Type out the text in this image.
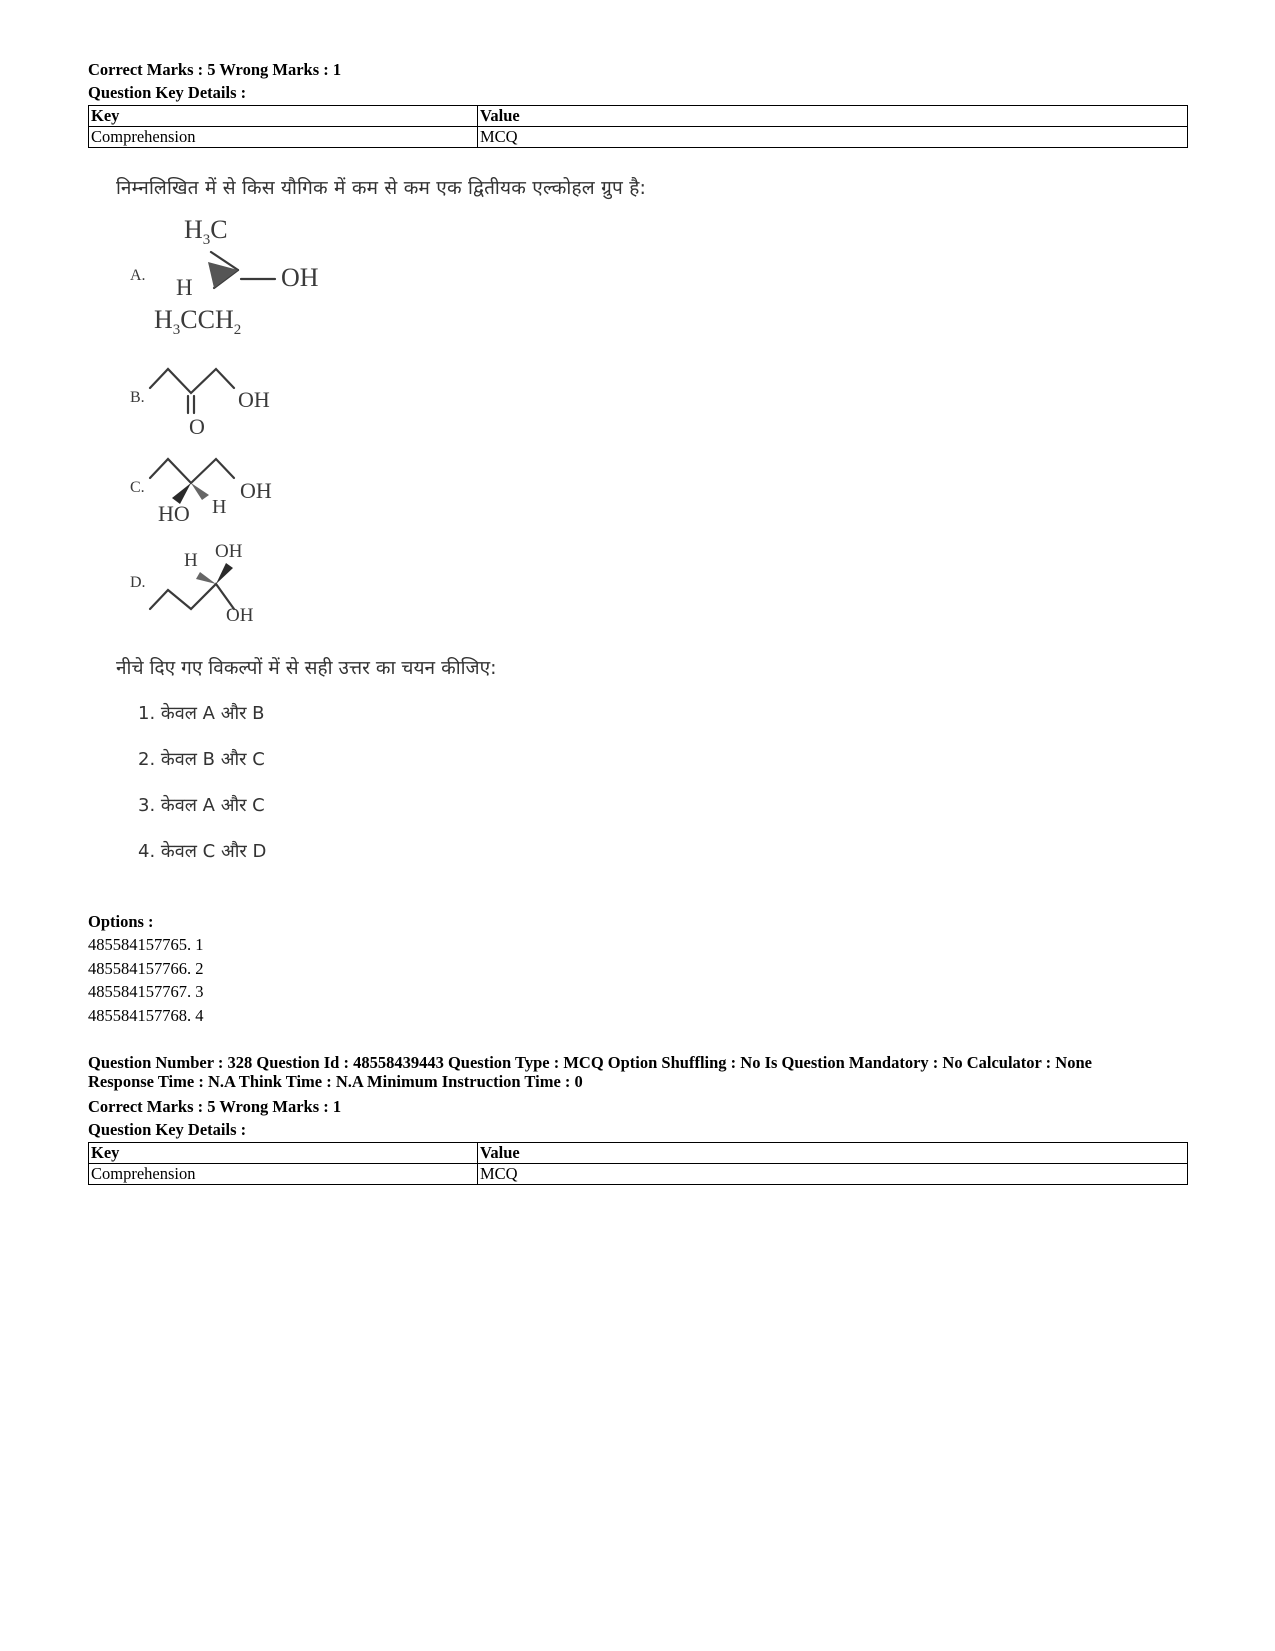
Correct Marks : 5 Wrong Marks : 1
Question Key Details :
Key	Value
Comprehension	MCQ
निम्नलिखित में से किस यौगिक में कम से कम एक द्वितीयक एल्कोहल ग्रुप है:
A.
$H_3C$
H	OH
$H_3CCH_2$
B.
O
OH
C.
HO H
OH
D.
H OH
OH
नीचे दिए गए विकल्पों में से सही उत्तर का चयन कीजिए:
1. केवल A और B
2. केवल B और C
3. केवल A और C
4. केवल C और D
Options :
485584157765. 1
485584157766. 2
485584157767. 3
485584157768. 4
Question Number : 328 Question Id : 48558439443 Question Type : MCQ Option Shuffling : No Is Question Mandatory : No Calculator : None
Response Time : N.A Think Time : N.A Minimum Instruction Time : 0
Correct Marks : 5 Wrong Marks : 1
Question Key Details :
Key	Value
Comprehension	MCQ
